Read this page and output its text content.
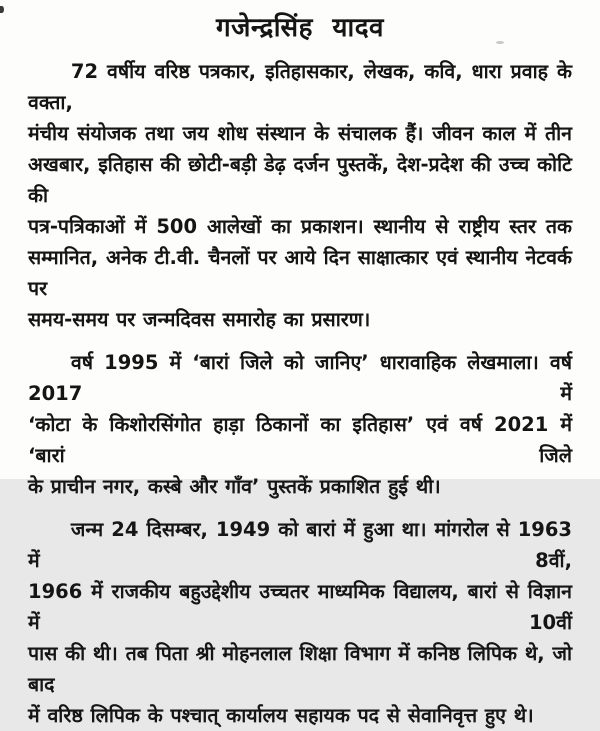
गजेन्द्रसिंह यादव
72 वर्षीय वरिष्ठ पत्रकार, इतिहासकार, लेखक, कवि, धारा प्रवाह के वक्ता,
मंचीय संयोजक तथा जय शोध संस्थान के संचालक हैं। जीवन काल में तीन
अखबार, इतिहास की छोटी-बड़ी डेढ़ दर्जन पुस्तकें, देश-प्रदेश की उच्च कोटि की
पत्र-पत्रिकाओं में 500 आलेखों का प्रकाशन। स्थानीय से राष्ट्रीय स्तर तक
सम्मानित, अनेक टी.वी. चैनलों पर आये दिन साक्षात्कार एवं स्थानीय नेटवर्क पर
समय-समय पर जन्मदिवस समारोह का प्रसारण।
वर्ष 1995 में ‘बारां जिले को जानिए’ धारावाहिक लेखमाला। वर्ष 2017 में
‘कोटा के किशोरसिंगोत हाड़ा ठिकानों का इतिहास’ एवं वर्ष 2021 में ‘बारां जिले
के प्राचीन नगर, कस्बे और गाँव’ पुस्तकें प्रकाशित हुई थी।
जन्म 24 दिसम्बर, 1949 को बारां में हुआ था। मांगरोल से 1963 में 8वीं,
1966 में राजकीय बहुउद्देशीय उच्चतर माध्यमिक विद्यालय, बारां से विज्ञान में 10वीं
पास की थी। तब पिता श्री मोहनलाल शिक्षा विभाग में कनिष्ठ लिपिक थे, जो बाद
में वरिष्ठ लिपिक के पश्चात् कार्यालय सहायक पद से सेवानिवृत्त हुए थे।
